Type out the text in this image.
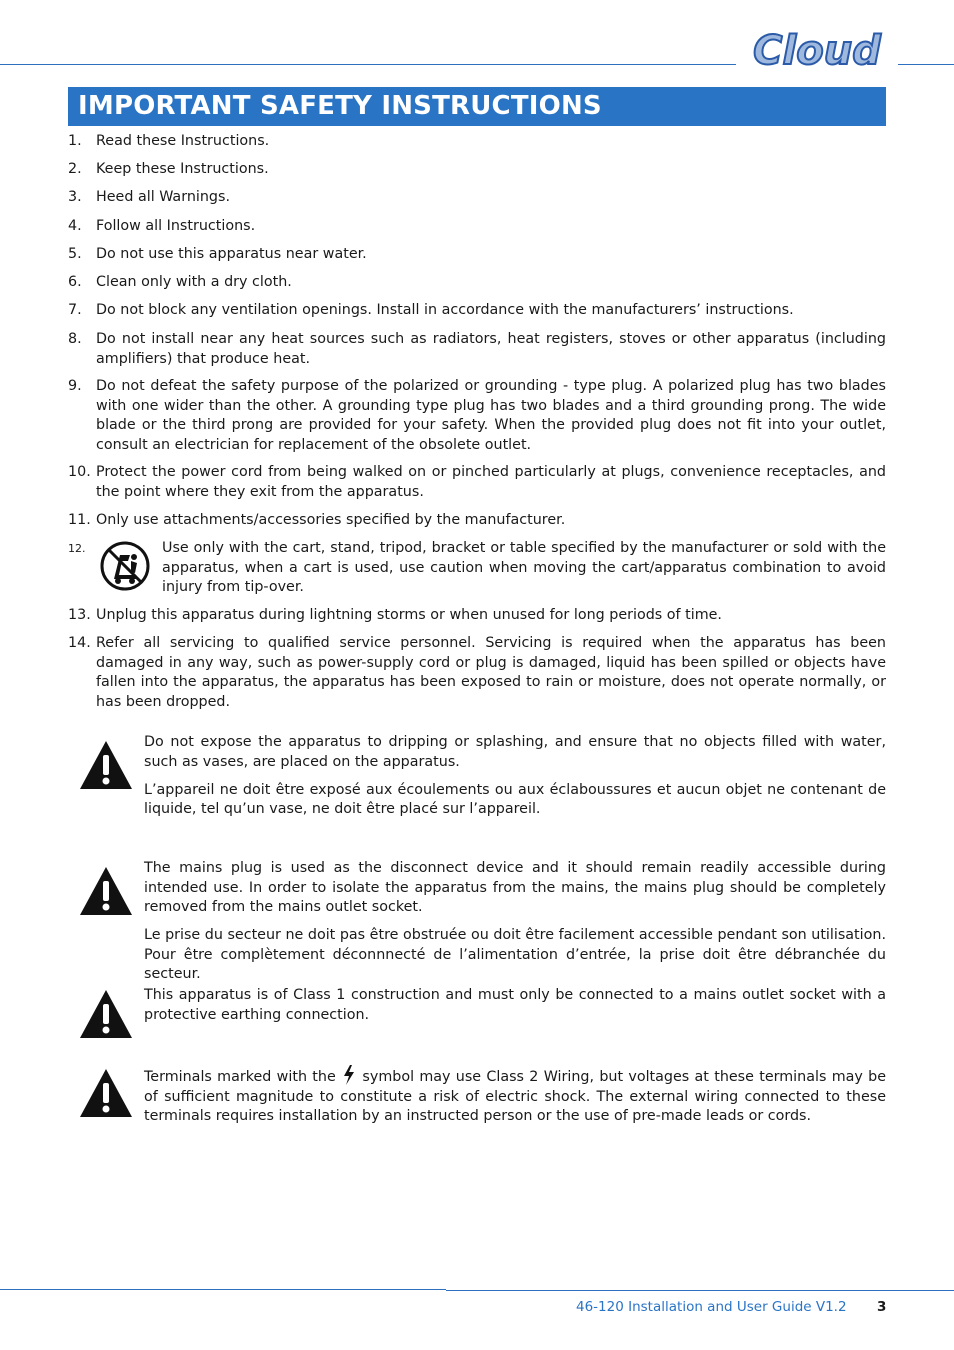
Cloud
IMPORTANT SAFETY INSTRUCTIONS
1.	Read these Instructions.
2.	Keep these Instructions.
3.	Heed all Warnings.
4.	Follow all Instructions.
5.	Do not use this apparatus near water.
6.	Clean only with a dry cloth.
7.	Do not block any ventilation openings. Install in accordance with the manufacturers’ instructions.
8.	Do not install near any heat sources such as radiators, heat registers, stoves or other apparatus (including amplifiers) that produce heat.
9.	Do not defeat the safety purpose of the polarized or grounding - type plug. A polarized plug has two blades with one wider than the other. A grounding type plug has two blades and a third grounding prong. The wide blade or the third prong are provided for your safety. When the provided plug does not fit into your outlet, consult an electrician for replacement of the obsolete outlet.
10. Protect the power cord from being walked on or pinched particularly at plugs, convenience receptacles, and the point where they exit from the apparatus.
11. Only use attachments/accessories specified by the manufacturer.
12.	Use only with the cart, stand, tripod, bracket or table specified by the manufacturer or sold with the apparatus, when a cart is used, use caution when moving the cart/apparatus combination to avoid injury from tip-over.
13. Unplug this apparatus during lightning storms or when unused for long periods of time.
14. Refer all servicing to qualified service personnel. Servicing is required when the apparatus has been damaged in any way, such as power-supply cord or plug is damaged, liquid has been spilled or objects have fallen into the apparatus, the apparatus has been exposed to rain or moisture, does not operate normally, or has been dropped.

Do not expose the apparatus to dripping or splashing, and ensure that no objects filled with water, such as vases, are placed on the apparatus.

L’appareil ne doit être exposé aux écoulements ou aux éclaboussures et aucun objet ne contenant de liquide, tel qu’un vase, ne doit être placé sur l’appareil.

The mains plug is used as the disconnect device and it should remain readily accessible during intended use. In order to isolate the apparatus from the mains, the mains plug should be completely removed from the mains outlet socket.

Le prise du secteur ne doit pas être obstruée ou doit être facilement accessible pendant son utilisation. Pour être complètement déconnnecté de l’alimentation d’entrée, la prise doit être débranchée du secteur.

This apparatus is of Class 1 construction and must only be connected to a mains outlet socket with a protective earthing connection.

Terminals marked with the symbol may use Class 2 Wiring, but voltages at these terminals may be of sufficient magnitude to constitute a risk of electric shock. The external wiring connected to these terminals requires installation by an instructed person or the use of pre-made leads or cords.

46-120 Installation and User Guide V1.2 3
